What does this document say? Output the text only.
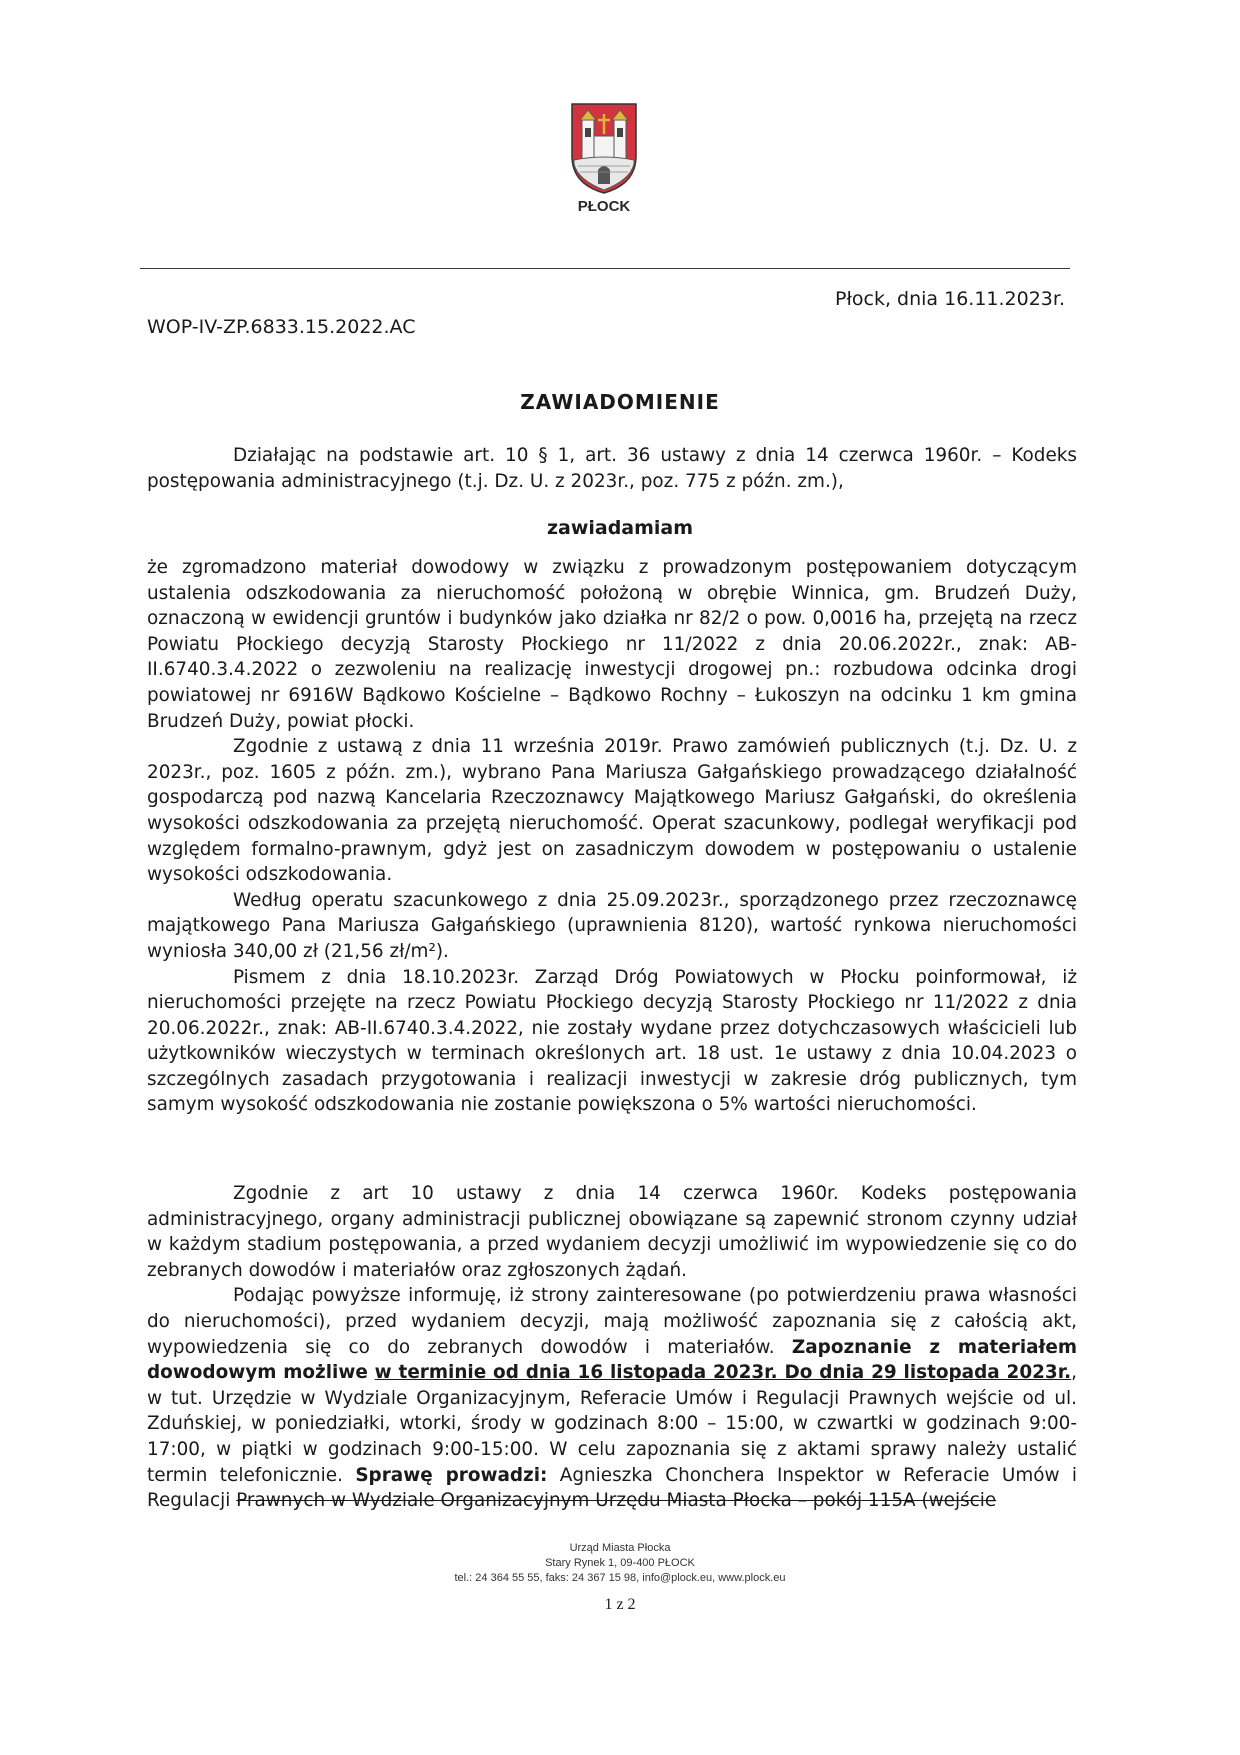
PŁOCK
Płock, dnia 16.11.2023r.
WOP-IV-ZP.6833.15.2022.AC
ZAWIADOMIENIE
Działając na podstawie art. 10 § 1, art. 36 ustawy z dnia 14 czerwca 1960r. – Kodeks postępowania administracyjnego (t.j. Dz. U. z 2023r., poz. 775 z późn. zm.),
zawiadamiam

że zgromadzono materiał dowodowy w związku z prowadzonym postępowaniem dotyczącym ustalenia odszkodowania za nieruchomość położoną w obrębie Winnica, gm. Brudzeń Duży, oznaczoną w ewidencji gruntów i budynków jako działka nr 82/2 o pow. 0,0016 ha, przejętą na rzecz Powiatu Płockiego decyzją Starosty Płockiego nr 11/2022 z dnia 20.06.2022r., znak: AB-II.6740.3.4.2022 o zezwoleniu na realizację inwestycji drogowej pn.: rozbudowa odcinka drogi powiatowej nr 6916W Bądkowo Kościelne – Bądkowo Rochny – Łukoszyn na odcinku 1 km gmina Brudzeń Duży, powiat płocki.

Zgodnie z ustawą z dnia 11 września 2019r. Prawo zamówień publicznych (t.j. Dz. U. z 2023r., poz. 1605 z późn. zm.), wybrano Pana Mariusza Gałgańskiego prowadzącego działalność gospodarczą pod nazwą Kancelaria Rzeczoznawcy Majątkowego Mariusz Gałgański, do określenia wysokości odszkodowania za przejętą nieruchomość. Operat szacunkowy, podlegał weryfikacji pod względem formalno-prawnym, gdyż jest on zasadniczym dowodem w postępowaniu o ustalenie wysokości odszkodowania.

Według operatu szacunkowego z dnia 25.09.2023r., sporządzonego przez rzeczoznawcę majątkowego Pana Mariusza Gałgańskiego (uprawnienia 8120), wartość rynkowa nieruchomości wyniosła 340,00 zł (21,56 zł/m²).

Pismem z dnia 18.10.2023r. Zarząd Dróg Powiatowych w Płocku poinformował, iż nieruchomości przejęte na rzecz Powiatu Płockiego decyzją Starosty Płockiego nr 11/2022 z dnia 20.06.2022r., znak: AB-II.6740.3.4.2022, nie zostały wydane przez dotychczasowych właścicieli lub użytkowników wieczystych w terminach określonych art. 18 ust. 1e ustawy z dnia 10.04.2023 o szczególnych zasadach przygotowania i realizacji inwestycji w zakresie dróg publicznych, tym samym wysokość odszkodowania nie zostanie powiększona o 5% wartości nieruchomości.

Zgodnie z art 10 ustawy z dnia 14 czerwca 1960r. Kodeks postępowania administracyjnego, organy administracji publicznej obowiązane są zapewnić stronom czynny udział w każdym stadium postępowania, a przed wydaniem decyzji umożliwić im wypowiedzenie się co do zebranych dowodów i materiałów oraz zgłoszonych żądań.

Podając powyższe informuję, iż strony zainteresowane (po potwierdzeniu prawa własności do nieruchomości), przed wydaniem decyzji, mają możliwość zapoznania się z całością akt, wypowiedzenia się co do zebranych dowodów i materiałów. Zapoznanie z materiałem dowodowym możliwe w terminie od dnia 16 listopada 2023r. Do dnia 29 listopada 2023r., w tut. Urzędzie w Wydziale Organizacyjnym, Referacie Umów i Regulacji Prawnych wejście od ul. Zduńskiej, w poniedziałki, wtorki, środy w godzinach 8:00 – 15:00, w czwartki w godzinach 9:00-17:00, w piątki w godzinach 9:00-15:00. W celu zapoznania się z aktami sprawy należy ustalić termin telefonicznie. Sprawę prowadzi: Agnieszka Chonchera Inspektor w Referacie Umów i Regulacji Prawnych w Wydziale Organizacyjnym Urzędu Miasta Płocka – pokój 115A (wejście

Urząd Miasta Płocka
Stary Rynek 1, 09-400 PŁOCK
tel.: 24 364 55 55, faks: 24 367 15 98, info@plock.eu, www.plock.eu
1 z 2
